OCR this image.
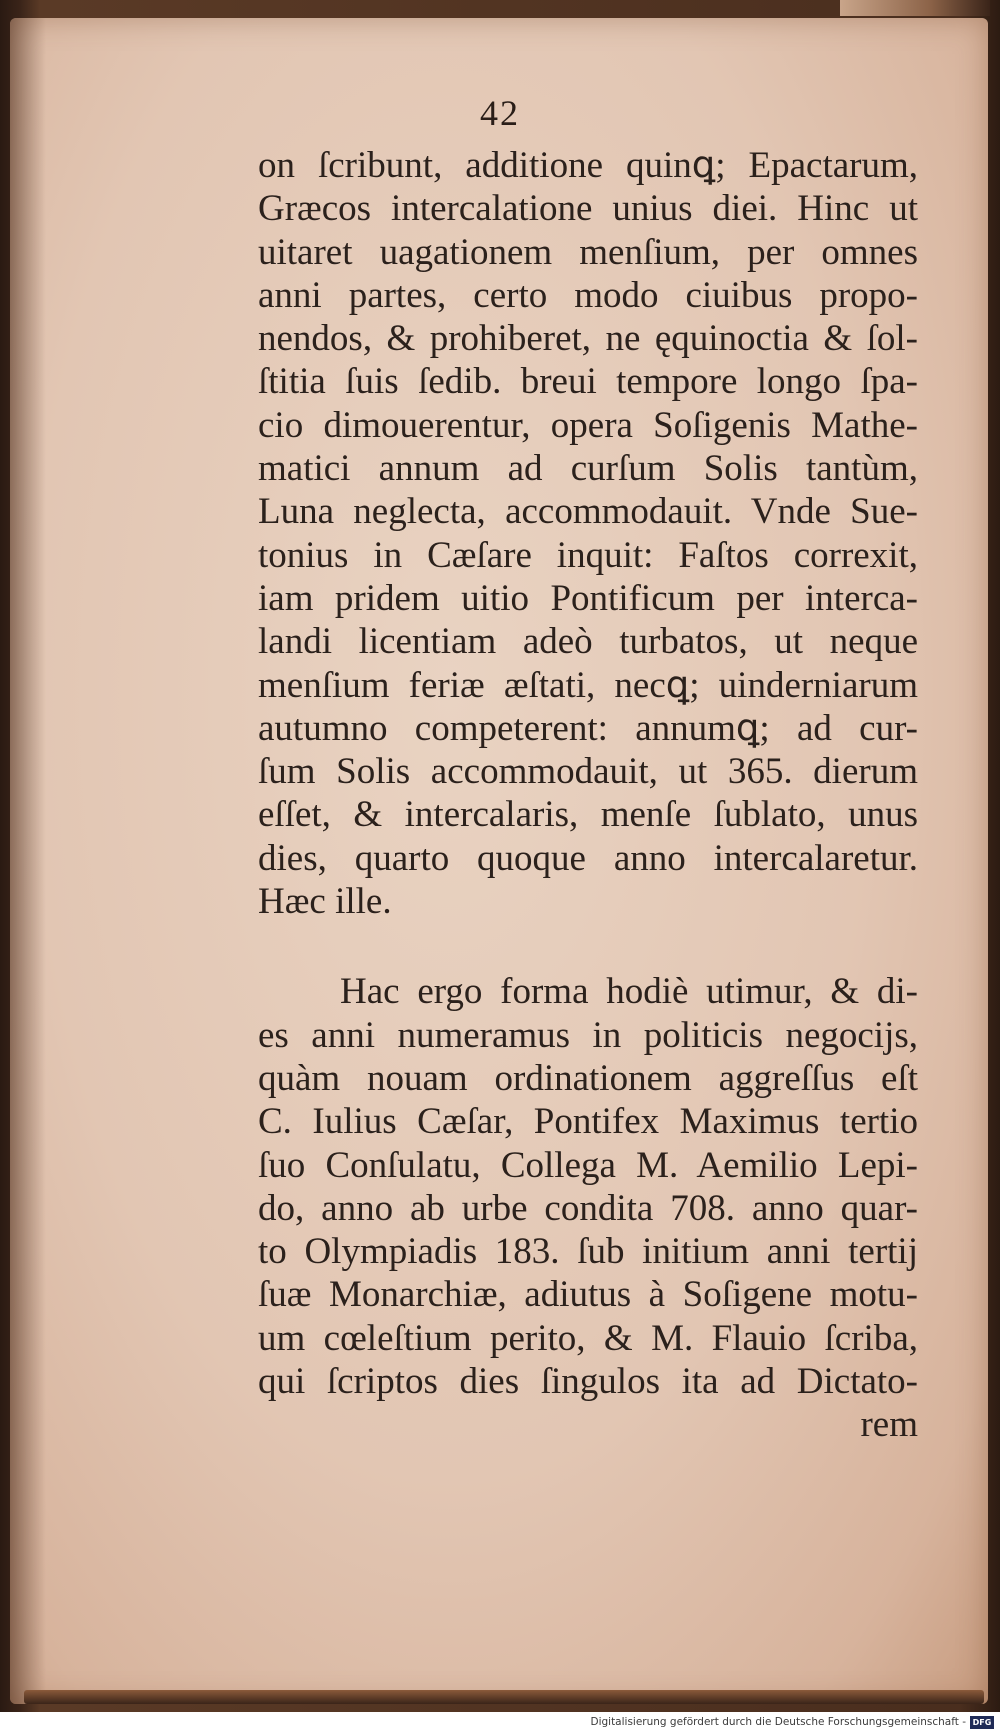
42
on ſcribunt, additione quinꝗ; Epactarum,
Græcos intercalatione unius diei. Hinc ut
uitaret uagationem menſium, per omnes
anni partes, certo modo ciuibus propo-
nendos, & prohiberet, ne ęquinoctia & ſol-
ſtitia ſuis ſedib. breui tempore longo ſpa-
cio dimouerentur, opera Soſigenis Mathe-
matici annum ad curſum Solis tantùm,
Luna neglecta, accommodauit. Vnde Sue-
tonius in Cæſare inquit: Faſtos correxit,
iam pridem uitio Pontificum per interca-
landi licentiam adeò turbatos, ut neque
menſium feriæ æſtati, necꝗ; uinderniarum
autumno competerent: annumꝗ; ad cur-
ſum Solis accommodauit, ut 365. dierum
eſſet, & intercalaris, menſe ſublato, unus
dies, quarto quoque anno intercalaretur.
Hæc ille.
Hac ergo forma hodiè utimur, & di-
es anni numeramus in politicis negocijs,
quàm nouam ordinationem aggreſſus eſt
C. Iulius Cæſar, Pontifex Maximus tertio
ſuo Conſulatu, Collega M. Aemilio Lepi-
do, anno ab urbe condita 708. anno quar-
to Olympiadis 183. ſub initium anni tertij
ſuæ Monarchiæ, adiutus à Soſigene motu-
um cœleſtium perito, & M. Flauio ſcriba,
qui ſcriptos dies ſingulos ita ad Dictato-
rem
Digitalisierung gefördert durch die Deutsche Forschungsgemeinschaft - DFG
